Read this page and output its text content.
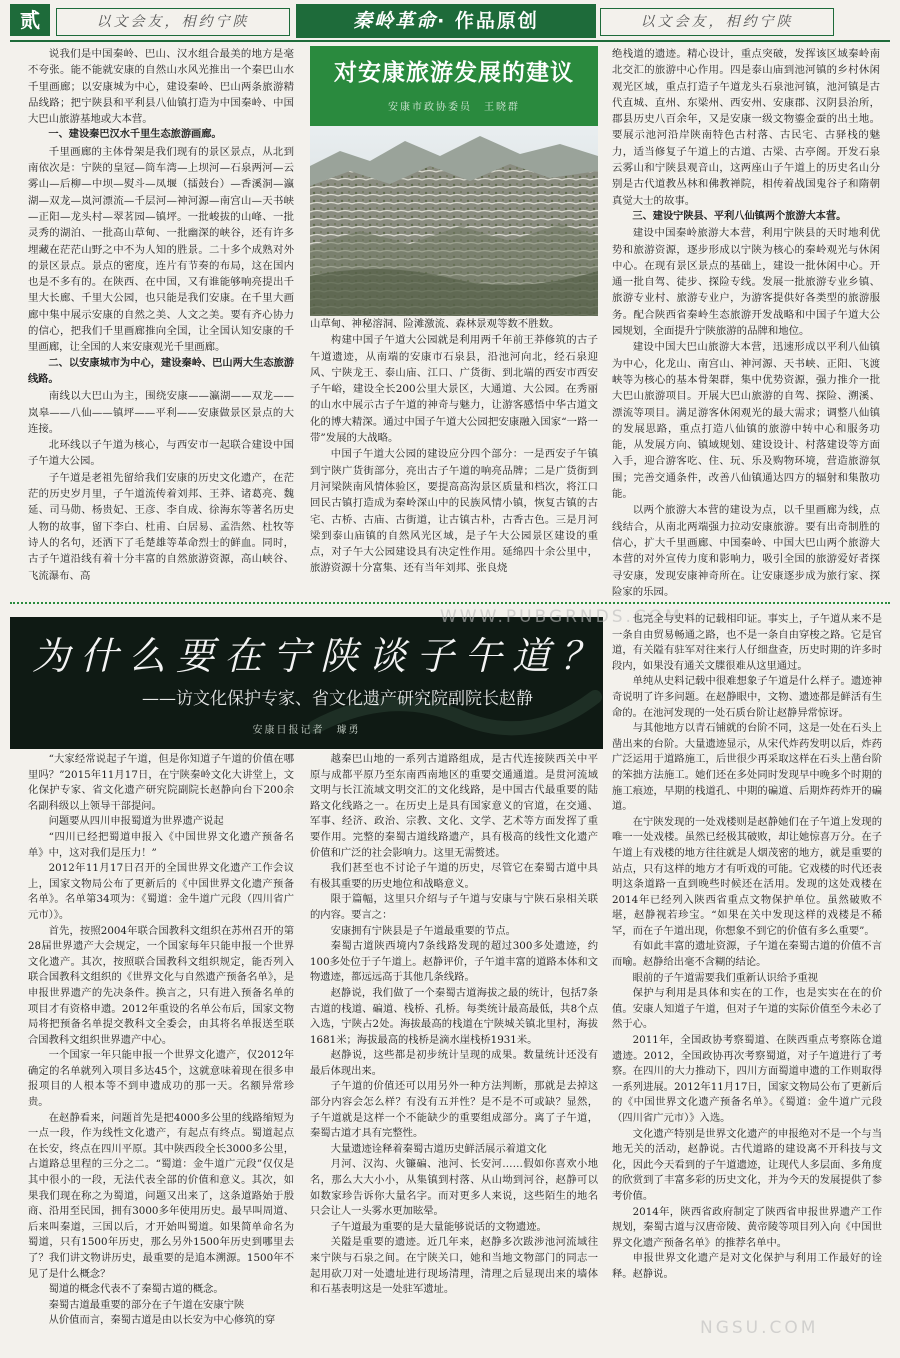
贰	以文会友，相约宁陕	秦岭革命· 作品原创	以文会友，相约宁陕

说我们是中国秦岭、巴山、汉水组合最美的地方是毫不夸张。能不能就安康的自然山水风光推出一个秦巴山水千里画廊；以安康城为中心，建设秦岭、巴山两条旅游精品线路；把宁陕县和平利县八仙镇打造为中国秦岭、中国大巴山旅游基地或大本营。

一、建设秦巴汉水千里生态旅游画廊。

千里画廊的主体骨架是我们现有的景区景点，从北到南依次是：宁陕的皇冠—筒车湾—上坝河—石泉两河—云雾山—后柳—中坝—熨斗—凤堰（擂鼓台）—香溪洞—瀛湖—双龙—岚河漂流—千层河—神河源—南宫山—天书峡—正阳—龙头村—翠茗园—镇坪。一批峻拔的山峰、一批灵秀的湖泊、一批高山草甸、一批幽深的峡谷，还有许多埋藏在茫茫山野之中不为人知的胜景。二十多个成熟对外的景区景点。景点的密度，连片有节奏的布局，这在国内也是不多有的。在陕西、在中国，又有谁能够响亮提出千里大长廊、千里大公园，也只能是我们安康。在千里大画廊中集中展示安康的自然之美、人文之美。要有齐心协力的信心，把我们千里画廊推向全国，让全国认知安康的千里画廊，让全国的人来安康观光千里画廊。

二、以安康城市为中心，建设秦岭、巴山两大生态旅游线路。

南线以大巴山为主，围绕安康——瀛湖——双龙——岚皋——八仙——镇坪——平利——安康做景区景点的大连接。

北环线以子午道为核心，与西安市一起联合建设中国子午道大公园。

子午道是老祖先留给我们安康的历史文化遗产，在茫茫的历史岁月里，子午道流传着刘邦、王莽、诸葛亮、魏延、司马勋、杨贵妃、王彦、李自成、徐海东等著名历史人物的故事，留下李白、杜甫、白居易、孟浩然、杜牧等诗人的名句，还洒下了毛楚雄等革命烈士的鲜血。同时，古子午道沿线有着十分丰富的自然旅游资源，高山峡谷、飞流瀑布、高

对安康旅游发展的建议
安康市政协委员 王晓群

山草甸、神秘溶洞、险滩激流、森林景观等数不胜数。

构建中国子午道大公园就是利用两千年前王莽修筑的古子午道遗迹，从南端的安康市石泉县，沿池河向北，经石泉迎风、宁陕龙王、泰山庙、江口、广货街、到北端的西安市西安子午峪，建设全长200公里大景区，大通道、大公园。在秀丽的山水中展示古子午道的神奇与魅力，让游客感悟中华古道文化的博大精深。通过中国子午道大公园把安康融入国家“一路一带”发展的大战略。

中国子午道大公园的建设应分四个部分：一是西安子午镇到宁陕广货街部分，亮出古子午道的响亮品牌；二是广货街到月河梁陕南风情体验区，要提高高沟景区质量和档次，将江口回民古镇打造成为秦岭深山中的民族风情小镇，恢复古镇的古宅、古桥、古庙、古街道，让古镇古朴，古香古色。三是月河梁到泰山庙镇的自然风光区域，是子午大公园景区建设的重点，对子午大公园建设具有决定性作用。延绵四十余公里中，旅游资源十分富集、还有当年刘邦、张良烧

绝栈道的遗迹。精心设计，重点突破，发挥该区域秦岭南北交汇的旅游中心作用。四是泰山庙到池河镇的乡村休闲观光区域，重点打造子午道龙头石泉池河镇，池河镇是古代直城、直州、东梁州、西安州、安康郡、汉阴县治所，郡县历史八百余年，又是安康一级文物鎏金蚕的出土地。要展示池河沿岸陕南特色古村落、古民宅、古驿栈的魅力，适当修复子午道上的古道、古梁、古亭阁。开发石泉云雾山和宁陕县观音山，这两座山子午道上的历史名山分别是古代道教丛林和佛教禅院，相传着战国鬼谷子和隋朝真觉大士的故事。

三、建设宁陕县、平利八仙镇两个旅游大本营。

建设中国秦岭旅游大本营，利用宁陕县的天时地利优势和旅游资源，逐步形成以宁陕为核心的秦岭观光与休闲中心。在现有景区景点的基础上，建设一批休闲中心。开通一批自驾、徒步、探险专线。发展一批旅游专业乡镇、旅游专业村、旅游专业户，为游客提供好各类型的旅游服务。配合陕西省秦岭生态旅游开发战略和中国子午道大公园规划，全面提升宁陕旅游的品牌和地位。

建设中国大巴山旅游大本营，迅速形成以平利八仙镇为中心，化龙山、南宫山、神河源、天书峡、正阳、飞渡峡等为核心的基本骨架群，集中优势资源，强力推介一批大巴山旅游项目。开展大巴山旅游的自驾、探险、溯溪、漂流等项目。满足游客休闲观光的最大需求；调整八仙镇的发展思路，重点打造八仙镇的旅游中转中心和服务功能，从发展方向、镇域规划、建设设计、村落建设等方面入手，迎合游客吃、住、玩、乐及购物环境，营造旅游氛围；完善交通条件，改善八仙镇通达四方的辐射和集散功能。

以两个旅游大本营的建设为点，以千里画廊为线，点线结合，从南北两端强力拉动安康旅游。要有出奇制胜的信心，扩大千里画廊、中国秦岭、中国大巴山两个旅游大本营的对外宣传力度和影响力，吸引全国的旅游爱好者探寻安康，发现安康神奇所在。让安康逐步成为旅行家、探险家的乐园。

为什么要在宁陕谈子午道？
——访文化保护专家、省文化遗产研究院副院长赵静
安康日报记者 璩勇
WWW.PUBGRNDS.COM

“大家经常说起子午道，但是你知道子午道的价值在哪里吗？”2015年11月17日，在宁陕秦岭文化大讲堂上，文化保护专家、省文化遗产研究院副院长赵静向台下200余名副科级以上领导干部提问。

问题要从四川申报蜀道为世界遗产说起

“四川已经把蜀道申报入《中国世界文化遗产预备名单》中，这对我们是压力！”

2012年11月17日召开的全国世界文化遗产工作会议上，国家文物局公布了更新后的《中国世界文化遗产预备名单》。名单第34项为：《蜀道：金牛道广元段（四川省广元市）》。

首先，按照2004年联合国教科文组织在苏州召开的第28届世界遗产大会规定，一个国家每年只能申报一个世界文化遗产。其次，按照联合国教科文组织规定，能否列入联合国教科文组织的《世界文化与自然遗产预备名单》，是申报世界遗产的先决条件。换言之，只有进入预备名单的项目才有资格申遗。2012年重设的名单公布后，国家文物局将把预备名单提交教科文全委会，由其将名单报送至联合国教科文组织世界遗产中心。

一个国家一年只能申报一个世界文化遗产，仅2012年确定的名单就列入项目多达45个，这就意味着现在很多申报项目的人根本等不到申遗成功的那一天。名额异常珍贵。

在赵静看来，问题首先是把4000多公里的线路缩短为一点一段，作为线性文化遗产，有起点有终点。蜀道起点在长安，终点在四川平原。其中陕西段全长3000多公里，占道路总里程的三分之二。“蜀道：金牛道广元段”仅仅是其中很小的一段，无法代表全部的价值和意义。其次，如果我们现在称之为蜀道，问题又出来了，这条道路始于殷商、沿用至民国，拥有3000多年使用历史。最早叫周道、后来叫秦道，三国以后，才开始叫蜀道。如果简单命名为蜀道，只有1500年历史，那么另外1500年历史到哪里去了？我们讲文物讲历史，最重要的是追本溯源。1500年不见了是什么概念？

蜀道的概念代表不了秦蜀古道的概念。

秦蜀古道最重要的部分在子午道在安康宁陕

从价值而言，秦蜀古道是由以长安为中心修筑的穿

越秦巴山地的一系列古道路组成，是古代连接陕西关中平原与成都平原乃至东南西南地区的重要交通通道。是贯河流域文明与长江流域文明交汇的文化线路，是中国古代最重要的陆路文化线路之一。在历史上是具有国家意义的官道，在交通、军事、经济、政治、宗教、文化、文学、艺术等方面发挥了重要作用。完整的秦蜀古道线路遗产，具有极高的线性文化遗产价值和广泛的社会影响力。这里无需赘述。

我们甚至也不讨论子午道的历史，尽管它在秦蜀古道中具有极其重要的历史地位和战略意义。

限于篇幅，这里只介绍与子午道与安康与宁陕石泉相关联的内容。要言之：

安康拥有宁陕县是子午道最重要的节点。

秦蜀古道陕西境内7条线路发现的超过300多处遗迹，约100多处位于子午道上。赵静评价，子午道丰富的道路本体和文物遗迹，都远远高于其他几条线路。

赵静说，我们做了一个秦蜀古道海拔之最的统计，包括7条古道的栈道、碥道、栈桥、孔桥。每类统计最高最低，共8个点入选，宁陕占2处。海拔最高的栈道在宁陕城关镇北里村，海拔1681米；海拔最高的栈桥是滴水崖栈桥1931米。

赵静说，这些都是初步统计呈现的成果。数量统计还没有最后体现出来。

子午道的价值还可以用另外一种方法判断，那就是去掉这部分内容会怎么样？有没有五并性？是不是不可或缺？显然，子午道就是这样一个不能缺少的重要组成部分。离了子午道，秦蜀古道才具有完整性。

大量遗迹诠释着秦蜀古道历史鲜活展示着道文化

月河、汉沟、火镰碥、池河、长安河……假如你喜欢小地名，那么大大小小，从集镇到村落、从山坳到河谷，赵静可以如数家珍告诉你大量名字。而对更多人来说，这些陌生的地名只会让人一头雾水更加眩晕。

子午道最为重要的是大量能够说话的文物遗迹。

关隘是重要的遗迹。近几年来，赵静多次跋涉池河流域往来宁陕与石泉之间。在宁陕关口，她和当地文物部门的同志一起用砍刀对一处遗址进行现场清理，清理之后显现出来的墙体和石基表明这是一处驻军遗址。

也完全与史料的记载相印证。事实上，子午道从来不是一条自由贸易畅通之路，也不是一条自由穿梭之路。它是官道，有关隘有驻军对往来行人仔细盘查，历史时期的许多时段内，如果没有通关文牒很难从这里通过。

单纯从史料记载中很难想象子午道是什么样子。遗迹神奇说明了许多问题。在赵静眼中，文物、遗迹都是鲜活有生命的。在池河发现的一处石质台阶让赵静异常惊讶。

与其他地方以青石铺就的台阶不同，这是一处在石头上凿出来的台阶。大量遗迹显示，从宋代炸药发明以后，炸药广泛运用于道路施工，后世很少再采取这样在石头上凿台阶的笨拙方法施工。她们还在多处同时发现早中晚多个时期的施工痕迹，早期的栈道孔、中期的碥道、后期炸药炸开的碥道。

在宁陕发现的一处戏楼则是赵静她们在子午道上发现的唯一一处戏楼。虽然已经极其破败，却让她惊喜万分。在子午道上有戏楼的地方往往就是人烟茂密的地方，就是重要的站点，只有这样的地方才有听戏的可能。它戏楼的时代还表明这条道路一直到晚些时候还在活用。发现的这处戏楼在2014年已经列入陕西省重点文物保护单位。虽然破败不堪，赵静视若珍宝。“如果在关中发现这样的戏楼是不稀罕，而在子午道出现，你想象不到它的价值有多么重要”。

有如此丰富的遗址资源，子午道在秦蜀古道的价值不言而喻。赵静给出毫不含糊的结论。

眼前的子午道需要我们重新认识给予重视

保护与利用是具体和实在的工作，也是实实在在的价值。安康人知道子午道，但对子午道的实际价值至今未必了然于心。

2011年，全国政协考察蜀道、在陕西重点考察陈仓道遗迹。2012，全国政协再次考察蜀道，对子午道进行了考察。在四川的大力推动下，四川方面蜀道申遗的工作则取得一系列进展。2012年11月17日，国家文物局公布了更新后的《中国世界文化遗产预备名单》。《蜀道：金牛道广元段（四川省广元市）》入选。

文化遗产特别是世界文化遗产的申报绝对不是一个与当地无关的活动，赵静说。古代道路的建设离不开科技与文化，因此今天看到的子午道遗迹，让现代人多层面、多角度的欣赏到了丰富多彩的历史文化，并为今天的发展提供了参考价值。

2014年，陕西省政府制定了陕西省申报世界遗产工作规划，秦蜀古道与汉唐帝陵、黄帝陵等项目列入向《中国世界文化遗产预备名单》的推荐名单中。

申报世界文化遗产是对文化保护与利用工作最好的诠释。赵静说。

NGSU.COM
